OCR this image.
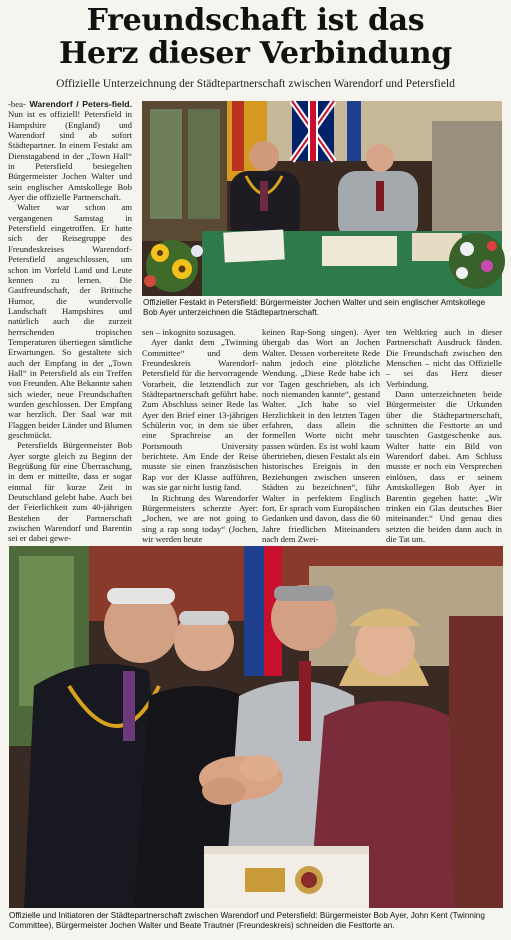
Freundschaft ist das
Herz dieser Verbindung
Offizielle Unterzeichnung der Städtepartnerschaft zwischen Warendorf und Petersfield

-bea- Warendorf / Peters-field. Nun ist es offiziell! Petersfield in Hampshire (England) und Warendorf sind ab sofort Städtepartner. In einem Festakt am Dienstagabend in der „Town Hall“ in Petersfield besiegelten Bürgermeister Jochen Walter und sein englischer Amtskollege Bob Ayer die offizielle Partnerschaft.

Walter war schon am vergangenen Samstag in Petersfield eingetroffen. Er hatte sich der Reisegruppe des Freundeskreises Warendorf-Petersfield angeschlossen, um schon im Vorfeld Land und Leute kennen zu lernen. Die Gastfreundschaft, der Britische Humor, die wundervolle Landschaft Hampshires und natürlich auch die zurzeit herrschenden tropischen Temperaturen übertiegen sämtliche Erwartungen. So gestaltete sich auch der Empfang in der „Town Hall“ in Petersfield als ein Treffen von Freunden. Alte Bekannte sahen sich wieder, neue Freundschaften wurden geschlossen. Der Empfang war herzlich. Der Saal war mit Flaggen beider Länder und Blumen geschmückt.

Petersfields Bürgermeister Bob Ayer sorgte gleich zu Beginn der Begrüßung für eine Überraschung, in dem er mitteilte, dass er sogar einmal für kurze Zeit in Deutschland gelebt habe. Auch bei der Feierlichkeit zum 40-jährigen Bestehen der Partnerschaft zwischen Warendorf und Barentin sei er dabei gewe-

Offizieller Festakt in Petersfield: Bürgermeister Jochen Walter und sein englischer Amtskollege Bob Ayer unterzeichnen die Städtepartnerschaft.

sen – inkognito sozusagen.

Ayer dankt dem „Twinning Committee“ und dem Freundeskreis Warendorf-Petersfield für die hervorragende Vorarbeit, die letztendlich zur Städtepartnerschaft geführt habe. Zum Abschluss seiner Rede las Ayer den Brief einer 13-jährigen Schülerin vor, in dem sie über eine Sprachreise an der Portsmouth University berichtete. Am Ende der Reise musste sie einen französischen Rap vor der Klasse aufführen, was sie gar nicht lustig fand.

In Richtung des Warendorfer Bürgermeisters scherzte Ayer: „Jochen, we are not going to sing a rap song today“ (Jochen, wir werden heute

keinen Rap-Song singen). Ayer übergab das Wort an Jochen Walter. Dessen vorbereitete Rede nahm jedoch eine plötzliche Wendung. „Diese Rede habe ich vor Tagen geschrieben, als ich noch niemanden kannte“, gestand Walter. „Ich habe so viel Herzlichkeit in den letzten Tagen erfahren, dass allein die formellen Worte nicht mehr passen würden. Es ist wohl kaum übertrieben, diesen Festakt als ein historisches Ereignis in den Beziehungen zwischen unseren Städten zu bezeichnen“, führ Walter in perfektem Englisch fort. Er sprach vom Europäischen Gedanken und davon, dass die 60 Jahre friedlichen Miteinanders nach dem Zwei-

ten Weltkrieg auch in dieser Partnerschaft Ausdruck fänden. Die Freundschaft zwischen den Menschen – nicht das Offizielle – sei das Herz dieser Verbindung.

Dann unterzeichneten beide Bürgermeister die Urkunden über die Städtepartnerschaft, schnitten die Festtorte an und tauschten Gastgeschenke aus. Walter hatte ein Bild von Warendorf dabei. Am Schluss musste er noch ein Versprechen einlösen, dass er seinem Amtskollegen Bob Ayer in Barentin gegeben hatte: „Wir trinken ein Glas deutsches Bier miteinander.“ Und genau dies setzten die beiden dann auch in die Tat um.

Offizielle und Initiatoren der Städtepartnerschaft zwischen Warendorf und Petersfield: Bürgermeister Bob Ayer, John Kent (Twinning Committee), Bürgermeister Jochen Walter und Beate Trautner (Freundeskreis) schneiden die Festtorte an.
